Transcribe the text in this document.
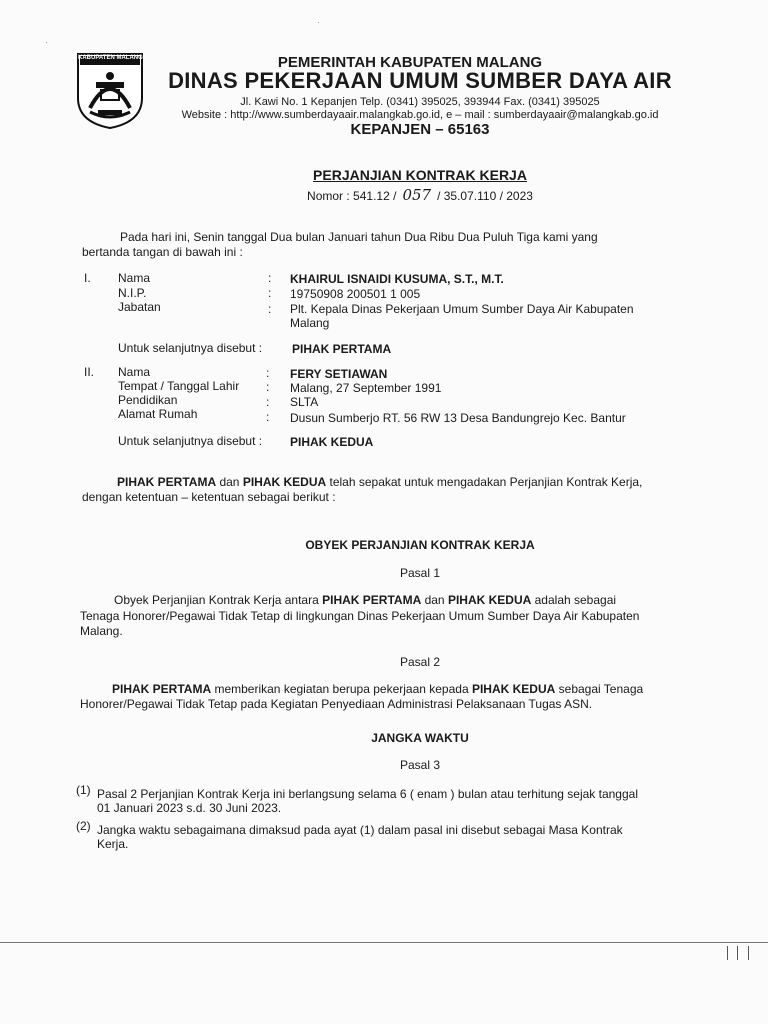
KABUPATEN MALANG	PEMERINTAH KABUPATEN MALANG
DINAS PEKERJAAN UMUM SUMBER DAYA AIR
Jl. Kawi No. 1 Kepanjen Telp. (0341) 395025, 393944 Fax. (0341) 395025
Website : http://www.sumberdayaair.malangkab.go.id, e – mail : sumberdayaair@malangkab.go.id
KEPANJEN – 65163
PERJANJIAN KONTRAK KERJA
Nomor : 541.12 / 057 / 35.07.110 / 2023
Pada hari ini, Senin tanggal Dua bulan Januari tahun Dua Ribu Dua Puluh Tiga kami yang
bertanda tangan di bawah ini :
I. Nama	: KHAIRUL ISNAIDI KUSUMA, S.T., M.T.
N.I.P.	: 19750908 200501 1 005
Jabatan	: Plt. Kepala Dinas Pekerjaan Umum Sumber Daya Air Kabupaten
Malang
Untuk selanjutnya disebut : PIHAK PERTAMA
II. Nama	: FERY SETIAWAN
Tempat / Tanggal Lahir : Malang, 27 September 1991
Pendidikan	: SLTA
Alamat Rumah	: Dusun Sumberjo RT. 56 RW 13 Desa Bandungrejo Kec. Bantur
Untuk selanjutnya disebut : PIHAK KEDUA
PIHAK PERTAMA dan PIHAK KEDUA telah sepakat untuk mengadakan Perjanjian Kontrak Kerja,
dengan ketentuan – ketentuan sebagai berikut :
OBYEK PERJANJIAN KONTRAK KERJA
Pasal 1
Obyek Perjanjian Kontrak Kerja antara PIHAK PERTAMA dan PIHAK KEDUA adalah sebagai
Tenaga Honorer/Pegawai Tidak Tetap di lingkungan Dinas Pekerjaan Umum Sumber Daya Air Kabupaten
Malang.
Pasal 2
PIHAK PERTAMA memberikan kegiatan berupa pekerjaan kepada PIHAK KEDUA sebagai Tenaga
Honorer/Pegawai Tidak Tetap pada Kegiatan Penyediaan Administrasi Pelaksanaan Tugas ASN.
JANGKA WAKTU
Pasal 3
(1) Pasal 2 Perjanjian Kontrak Kerja ini berlangsung selama 6 ( enam ) bulan atau terhitung sejak tanggal
01 Januari 2023 s.d. 30 Juni 2023.
(2) Jangka waktu sebagaimana dimaksud pada ayat (1) dalam pasal ini disebut sebagai Masa Kontrak
Kerja.
